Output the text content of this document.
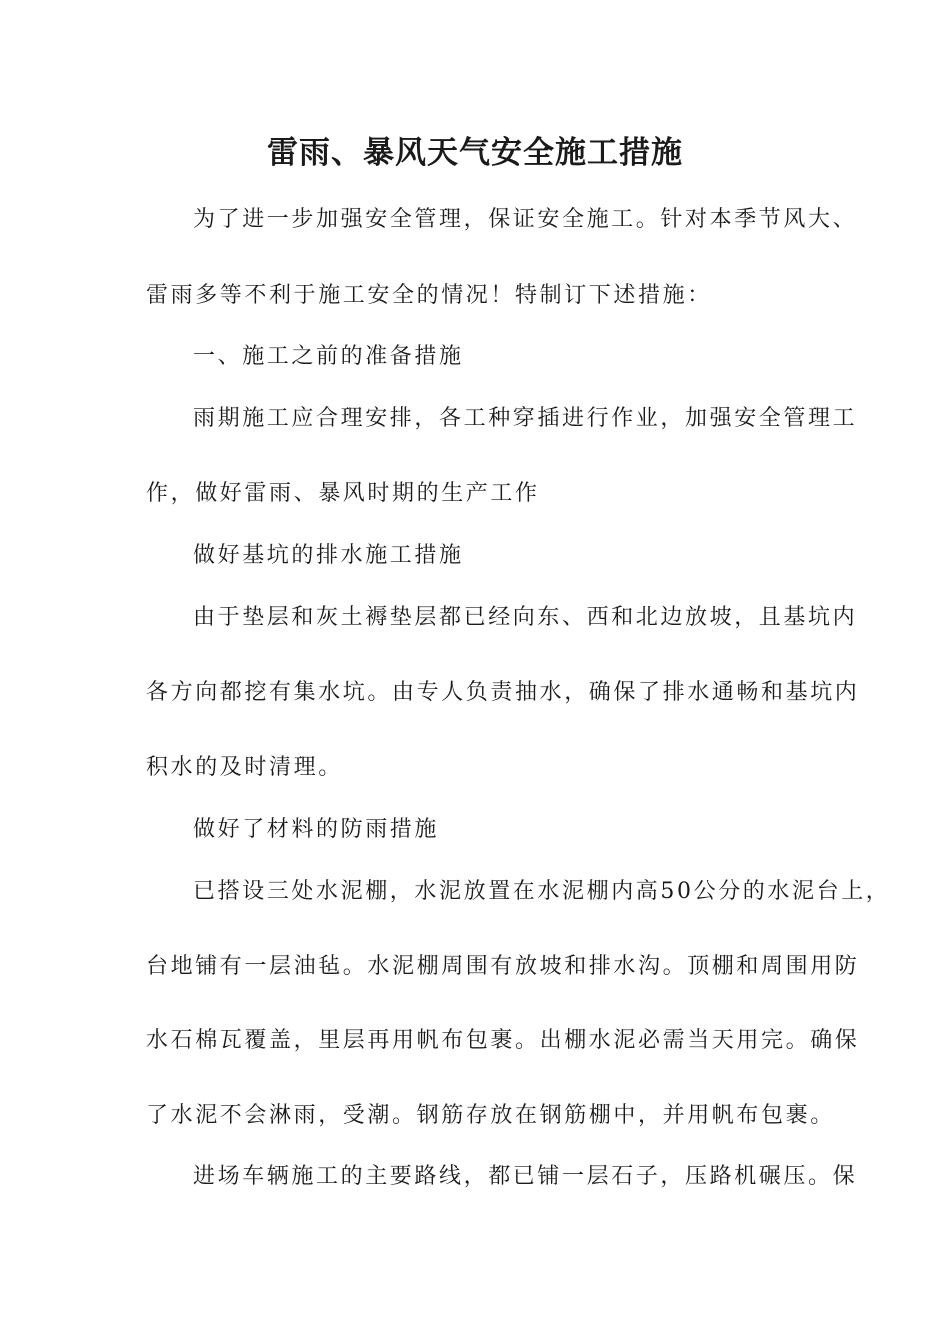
雷雨、暴风天气安全施工措施
为了进一步加强安全管理，保证安全施工。针对本季节风大、
雷雨多等不利于施工安全的情况！特制订下述措施：
一、施工之前的准备措施
雨期施工应合理安排，各工种穿插进行作业，加强安全管理工
作，做好雷雨、暴风时期的生产工作
做好基坑的排水施工措施
由于垫层和灰土褥垫层都已经向东、西和北边放坡，且基坑内
各方向都挖有集水坑。由专人负责抽水，确保了排水通畅和基坑内
积水的及时清理。
做好了材料的防雨措施
已搭设三处水泥棚，水泥放置在水泥棚内高50公分的水泥台上，
台地铺有一层油毡。水泥棚周围有放坡和排水沟。顶棚和周围用防
水石棉瓦覆盖，里层再用帆布包裹。出棚水泥必需当天用完。确保
了水泥不会淋雨，受潮。钢筋存放在钢筋棚中，并用帆布包裹。
进场车辆施工的主要路线，都已铺一层石子，压路机碾压。保
